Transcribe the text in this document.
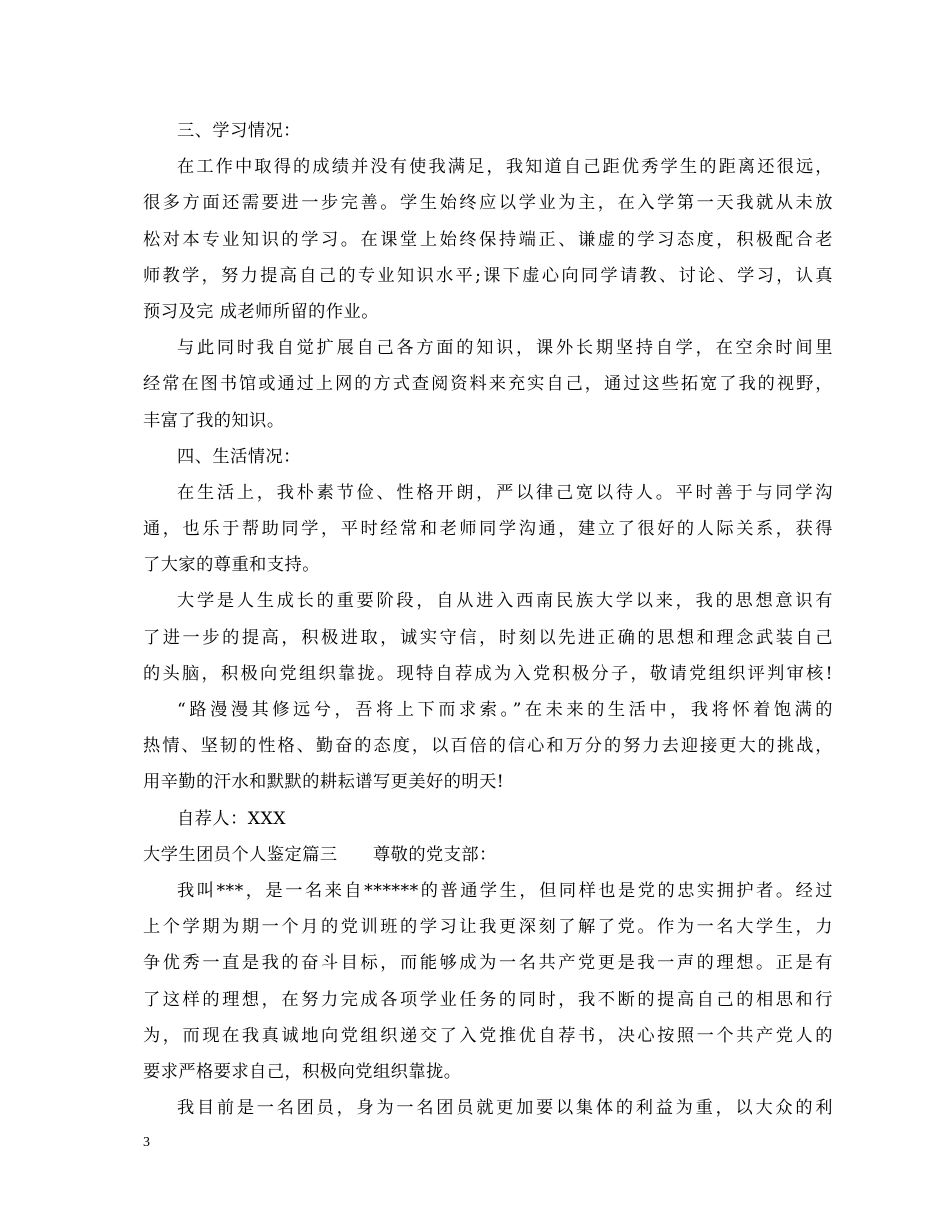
三、学习情况：
在工作中取得的成绩并没有使我满足，我知道自己距优秀学生的距离还很远，
很多方面还需要进一步完善。学生始终应以学业为主，在入学第一天我就从未放
松对本专业知识的学习。在课堂上始终保持端正、谦虚的学习态度，积极配合老
师教学，努力提高自己的专业知识水平;课下虚心向同学请教、讨论、学习，认真
预习及完 成老师所留的作业。
与此同时我自觉扩展自己各方面的知识，课外长期坚持自学，在空余时间里
经常在图书馆或通过上网的方式查阅资料来充实自己，通过这些拓宽了我的视野，
丰富了我的知识。
四、生活情况：
在生活上，我朴素节俭、性格开朗，严以律己宽以待人。平时善于与同学沟
通，也乐于帮助同学，平时经常和老师同学沟通，建立了很好的人际关系，获得
了大家的尊重和支持。
大学是人生成长的重要阶段，自从进入西南民族大学以来，我的思想意识有
了进一步的提高，积极进取，诚实守信，时刻以先进正确的思想和理念武装自己
的头脑，积极向党组织靠拢。现特自荐成为入党积极分子，敬请党组织评判审核!
“路漫漫其修远兮，吾将上下而求索。”在未来的生活中，我将怀着饱满的
热情、坚韧的性格、勤奋的态度，以百倍的信心和万分的努力去迎接更大的挑战，
用辛勤的汗水和默默的耕耘谱写更美好的明天!
自荐人：XXX
大学生团员个人鉴定篇三　　尊敬的党支部：
我叫***，是一名来自******的普通学生，但同样也是党的忠实拥护者。经过
上个学期为期一个月的党训班的学习让我更深刻了解了党。作为一名大学生，力
争优秀一直是我的奋斗目标，而能够成为一名共产党更是我一声的理想。正是有
了这样的理想，在努力完成各项学业任务的同时，我不断的提高自己的相思和行
为，而现在我真诚地向党组织递交了入党推优自荐书，决心按照一个共产党人的
要求严格要求自己，积极向党组织靠拢。
我目前是一名团员，身为一名团员就更加要以集体的利益为重，以大众的利
3
